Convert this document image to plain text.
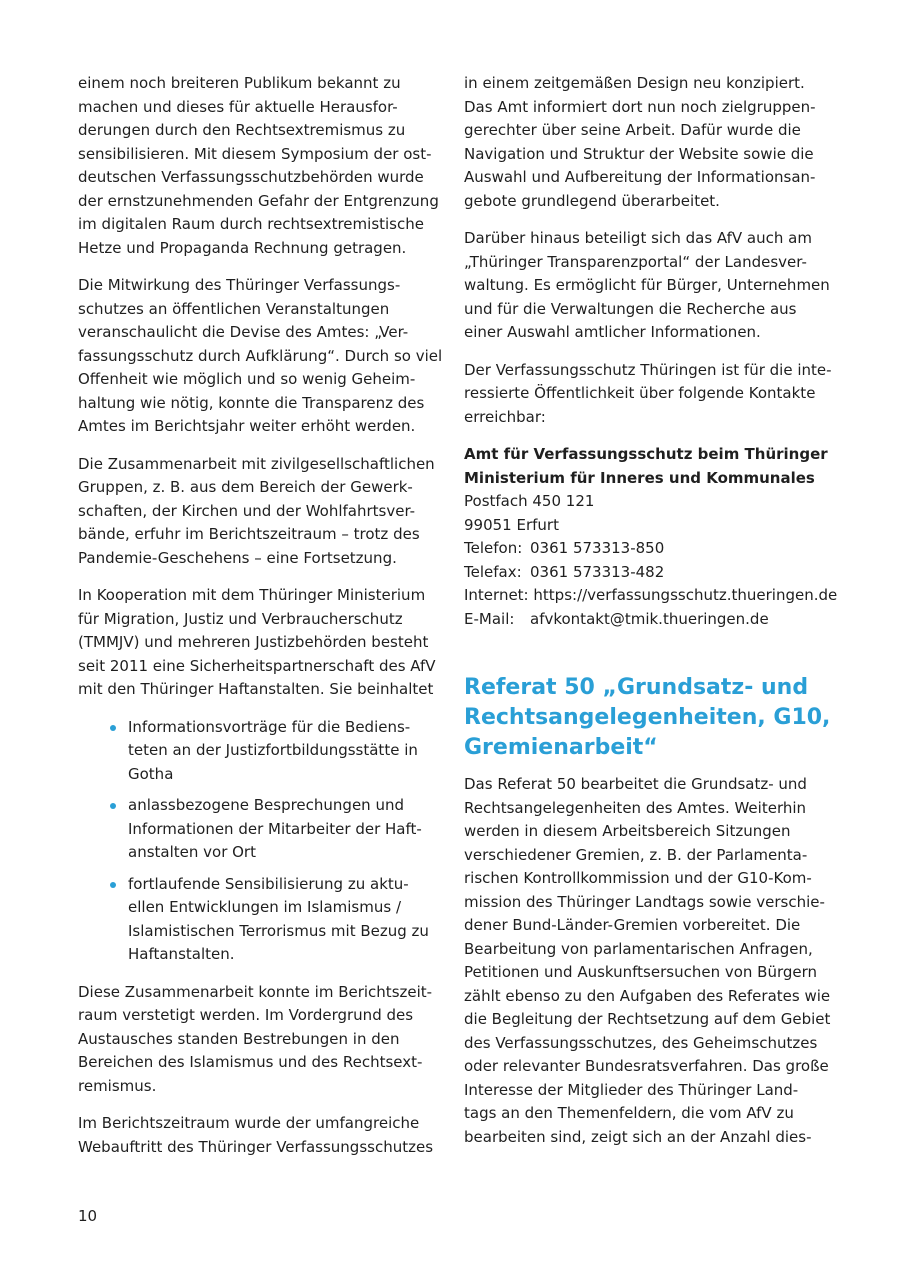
einem noch breiteren Publikum bekannt zu
machen und dieses für aktuelle Herausfor-
derungen durch den Rechtsextremismus zu
sensibilisieren. Mit diesem Symposium der ost-
deutschen Verfassungsschutzbehörden wurde
der ernstzunehmenden Gefahr der Entgrenzung
im digitalen Raum durch rechtsextremistische
Hetze und Propaganda Rechnung getragen.

Die Mitwirkung des Thüringer Verfassungs-
schutzes an öffentlichen Veranstaltungen
veranschaulicht die Devise des Amtes: „Ver-
fassungsschutz durch Aufklärung“. Durch so viel
Offenheit wie möglich und so wenig Geheim-
haltung wie nötig, konnte die Transparenz des
Amtes im Berichtsjahr weiter erhöht werden.

Die Zusammenarbeit mit zivilgesellschaftlichen
Gruppen, z. B. aus dem Bereich der Gewerk-
schaften, der Kirchen und der Wohlfahrtsver-
bände, erfuhr im Berichtszeitraum – trotz des
Pandemie-Geschehens – eine Fortsetzung.

In Kooperation mit dem Thüringer Ministerium
für Migration, Justiz und Verbraucherschutz
(TMMJV) und mehreren Justizbehörden besteht
seit 2011 eine Sicherheitspartnerschaft des AfV
mit den Thüringer Haftanstalten. Sie beinhaltet

Informationsvorträge für die Bediens-
teten an der Justizfortbildungsstätte in
Gotha
anlassbezogene Besprechungen und
Informationen der Mitarbeiter der Haft-
anstalten vor Ort
fortlaufende Sensibilisierung zu aktu-
ellen Entwicklungen im Islamismus /
Islamistischen Terrorismus mit Bezug zu
Haftanstalten.

Diese Zusammenarbeit konnte im Berichtszeit-
raum verstetigt werden. Im Vordergrund des
Austausches standen Bestrebungen in den
Bereichen des Islamismus und des Rechtsext-
remismus.

Im Berichtszeitraum wurde der umfangreiche
Webauftritt des Thüringer Verfassungsschutzes

in einem zeitgemäßen Design neu konzipiert.
Das Amt informiert dort nun noch zielgruppen-
gerechter über seine Arbeit. Dafür wurde die
Navigation und Struktur der Website sowie die
Auswahl und Aufbereitung der Informationsan-
gebote grundlegend überarbeitet.

Darüber hinaus beteiligt sich das AfV auch am
„Thüringer Transparenzportal“ der Landesver-
waltung. Es ermöglicht für Bürger, Unternehmen
und für die Verwaltungen die Recherche aus
einer Auswahl amtlicher Informationen.

Der Verfassungsschutz Thüringen ist für die inte-
ressierte Öffentlichkeit über folgende Kontakte
erreichbar:

Amt für Verfassungsschutz beim Thüringer
Ministerium für Inneres und Kommunales
Postfach 450 121
99051 Erfurt
Telefon: 0361 573313-850
Telefax: 0361 573313-482
Internet: https://verfassungsschutz.thueringen.de
E-Mail: afvkontakt@tmik.thueringen.de

Referat 50 „Grundsatz- und
Rechtsangelegenheiten, G10,
Gremienarbeit“

Das Referat 50 bearbeitet die Grundsatz- und
Rechtsangelegenheiten des Amtes. Weiterhin
werden in diesem Arbeitsbereich Sitzungen
verschiedener Gremien, z. B. der Parlamenta-
rischen Kontrollkommission und der G10-Kom-
mission des Thüringer Landtags sowie verschie-
dener Bund-Länder-Gremien vorbereitet. Die
Bearbeitung von parlamentarischen Anfragen,
Petitionen und Auskunftsersuchen von Bürgern
zählt ebenso zu den Aufgaben des Referates wie
die Begleitung der Rechtsetzung auf dem Gebiet
des Verfassungsschutzes, des Geheimschutzes
oder relevanter Bundesratsverfahren. Das große
Interesse der Mitglieder des Thüringer Land-
tags an den Themenfeldern, die vom AfV zu
bearbeiten sind, zeigt sich an der Anzahl dies-

10
